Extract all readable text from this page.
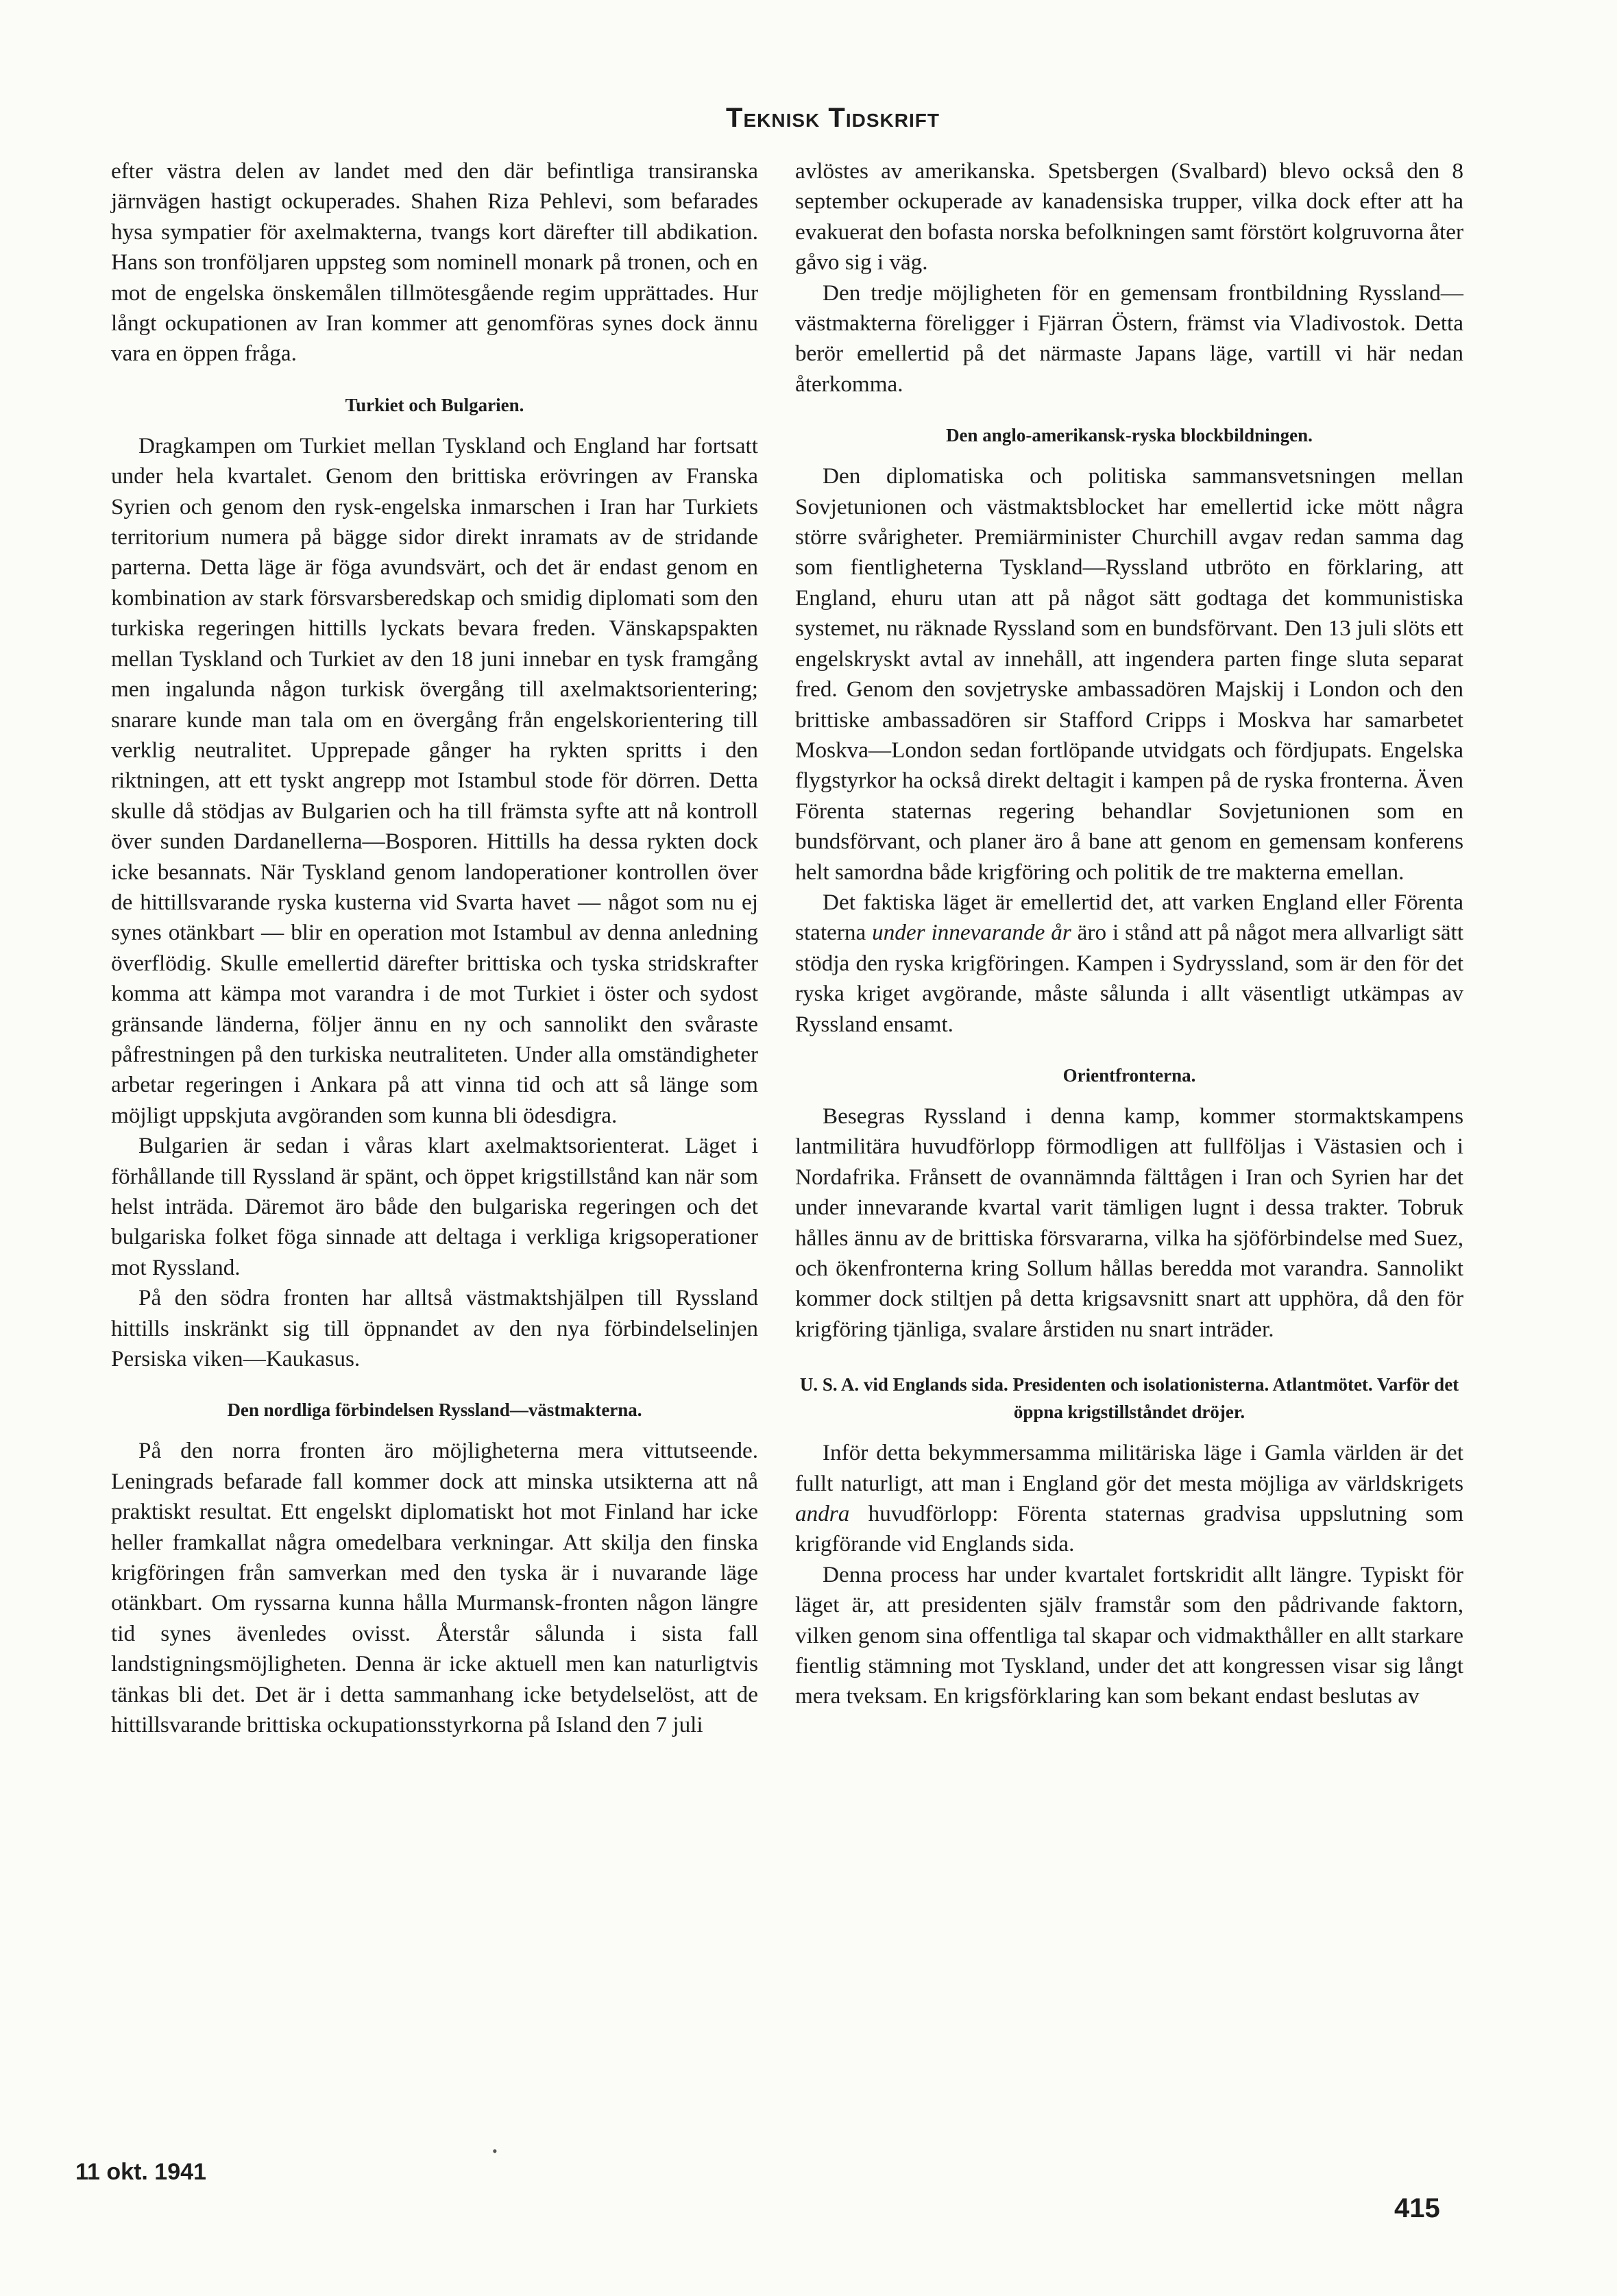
Teknisk Tidskrift

efter västra delen av landet med den där befintliga transiranska järnvägen hastigt ockuperades. Shahen Riza Pehlevi, som befarades hysa sympatier för axelmakterna, tvangs kort därefter till abdikation. Hans son tronföljaren uppsteg som nominell monark på tronen, och en mot de engelska önskemålen tillmötesgående regim upprättades. Hur långt ockupationen av Iran kommer att genomföras synes dock ännu vara en öppen fråga.

Turkiet och Bulgarien.

Dragkampen om Turkiet mellan Tyskland och England har fortsatt under hela kvartalet. Genom den brittiska erövringen av Franska Syrien och genom den rysk-engelska inmarschen i Iran har Turkiets territorium numera på bägge sidor direkt inramats av de stridande parterna. Detta läge är föga avundsvärt, och det är endast genom en kombination av stark försvarsberedskap och smidig diplomati som den turkiska regeringen hittills lyckats bevara freden. Vänskapspakten mellan Tyskland och Turkiet av den 18 juni innebar en tysk framgång men ingalunda någon turkisk övergång till axelmaktsorientering; snarare kunde man tala om en övergång från engelskorientering till verklig neutralitet. Upprepade gånger ha rykten spritts i den riktningen, att ett tyskt angrepp mot Istambul stode för dörren. Detta skulle då stödjas av Bulgarien och ha till främsta syfte att nå kontroll över sunden Dardanellerna—Bosporen. Hittills ha dessa rykten dock icke besannats. När Tyskland genom landoperationer kontrollen över de hittillsvarande ryska kusterna vid Svarta havet — något som nu ej synes otänkbart — blir en operation mot Istambul av denna anledning överflödig. Skulle emellertid därefter brittiska och tyska stridskrafter komma att kämpa mot varandra i de mot Turkiet i öster och sydost gränsande länderna, följer ännu en ny och sannolikt den svåraste påfrestningen på den turkiska neutraliteten. Under alla omständigheter arbetar regeringen i Ankara på att vinna tid och att så länge som möjligt uppskjuta avgöranden som kunna bli ödesdigra.

Bulgarien är sedan i våras klart axelmaktsorienterat. Läget i förhållande till Ryssland är spänt, och öppet krigstillstånd kan när som helst inträda. Däremot äro både den bulgariska regeringen och det bulgariska folket föga sinnade att deltaga i verkliga krigsoperationer mot Ryssland.

På den södra fronten har alltså västmaktshjälpen till Ryssland hittills inskränkt sig till öppnandet av den nya förbindelselinjen Persiska viken—Kaukasus.

Den nordliga förbindelsen Ryssland—västmakterna.

På den norra fronten äro möjligheterna mera vittutseende. Leningrads befarade fall kommer dock att minska utsikterna att nå praktiskt resultat. Ett engelskt diplomatiskt hot mot Finland har icke heller framkallat några omedelbara verkningar. Att skilja den finska krigföringen från samverkan med den tyska är i nuvarande läge otänkbart. Om ryssarna kunna hålla Murmansk-fronten någon längre tid synes ävenledes ovisst. Återstår sålunda i sista fall landstigningsmöjligheten. Denna är icke aktuell men kan naturligtvis tänkas bli det. Det är i detta sammanhang icke betydelselöst, att de hittillsvarande brittiska ockupationsstyrkorna på Island den 7 juli

avlöstes av amerikanska. Spetsbergen (Svalbard) blevo också den 8 september ockuperade av kanadensiska trupper, vilka dock efter att ha evakuerat den bofasta norska befolkningen samt förstört kolgruvorna åter gåvo sig i väg.

Den tredje möjligheten för en gemensam frontbildning Ryssland—västmakterna föreligger i Fjärran Östern, främst via Vladivostok. Detta berör emellertid på det närmaste Japans läge, vartill vi här nedan återkomma.

Den anglo-amerikansk-ryska blockbildningen.

Den diplomatiska och politiska sammansvetsningen mellan Sovjetunionen och västmaktsblocket har emellertid icke mött några större svårigheter. Premiärminister Churchill avgav redan samma dag som fientligheterna Tyskland—Ryssland utbröto en förklaring, att England, ehuru utan att på något sätt godtaga det kommunistiska systemet, nu räknade Ryssland som en bundsförvant. Den 13 juli slöts ett engelskryskt avtal av innehåll, att ingendera parten finge sluta separat fred. Genom den sovjetryske ambassadören Majskij i London och den brittiske ambassadören sir Stafford Cripps i Moskva har samarbetet Moskva—London sedan fortlöpande utvidgats och fördjupats. Engelska flygstyrkor ha också direkt deltagit i kampen på de ryska fronterna. Även Förenta staternas regering behandlar Sovjetunionen som en bundsförvant, och planer äro å bane att genom en gemensam konferens helt samordna både krigföring och politik de tre makterna emellan.

Det faktiska läget är emellertid det, att varken England eller Förenta staterna under innevarande år äro i stånd att på något mera allvarligt sätt stödja den ryska krigföringen. Kampen i Sydryssland, som är den för det ryska kriget avgörande, måste sålunda i allt väsentligt utkämpas av Ryssland ensamt.

Orientfronterna.

Besegras Ryssland i denna kamp, kommer stormaktskampens lantmilitära huvudförlopp förmodligen att fullföljas i Västasien och i Nordafrika. Frånsett de ovannämnda fälttågen i Iran och Syrien har det under innevarande kvartal varit tämligen lugnt i dessa trakter. Tobruk hålles ännu av de brittiska försvararna, vilka ha sjöförbindelse med Suez, och ökenfronterna kring Sollum hållas beredda mot varandra. Sannolikt kommer dock stiltjen på detta krigsavsnitt snart att upphöra, då den för krigföring tjänliga, svalare årstiden nu snart inträder.

U. S. A. vid Englands sida. Presidenten och isolationisterna. Atlantmötet. Varför det öppna krigstillståndet dröjer.

Inför detta bekymmersamma militäriska läge i Gamla världen är det fullt naturligt, att man i England gör det mesta möjliga av världskrigets andra huvudförlopp: Förenta staternas gradvisa uppslutning som krigförande vid Englands sida.

Denna process har under kvartalet fortskridit allt längre. Typiskt för läget är, att presidenten själv framstår som den pådrivande faktorn, vilken genom sina offentliga tal skapar och vidmakthåller en allt starkare fientlig stämning mot Tyskland, under det att kongressen visar sig långt mera tveksam. En krigsförklaring kan som bekant endast beslutas av

11 okt. 1941
•
415
